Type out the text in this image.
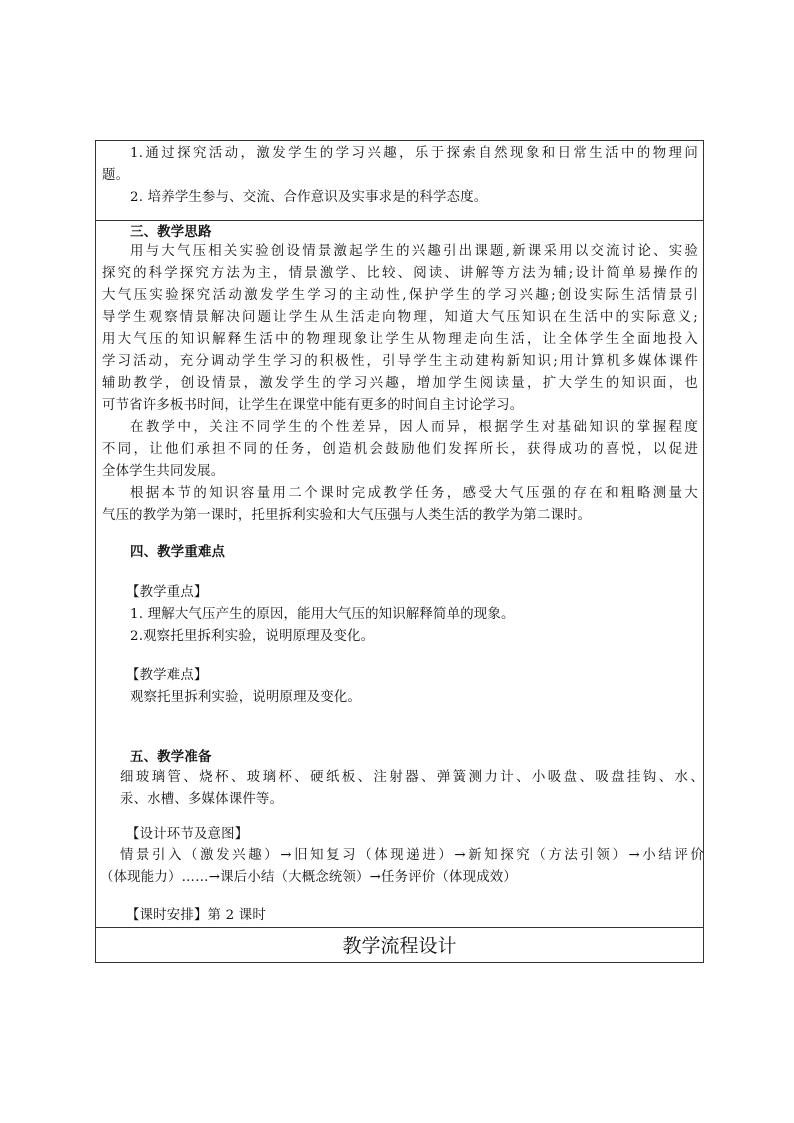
1.通过探究活动，激发学生的学习兴趣，乐于探索自然现象和日常生活中的物理问
题。
2. 培养学生参与、交流、合作意识及实事求是的科学态度。
三、教学思路
用与大气压相关实验创设情景激起学生的兴趣引出课题,新课采用以交流讨论、实验
探究的科学探究方法为主，情景激学、比较、阅读、讲解等方法为辅;设计简单易操作的
大气压实验探究活动激发学生学习的主动性,保护学生的学习兴趣;创设实际生活情景引
导学生观察情景解决问题让学生从生活走向物理，知道大气压知识在生活中的实际意义;
用大气压的知识解释生活中的物理现象让学生从物理走向生活，让全体学生全面地投入
学习活动，充分调动学生学习的积极性，引导学生主动建构新知识;用计算机多媒体课件
辅助教学，创设情景，激发学生的学习兴趣，增加学生阅读量，扩大学生的知识面，也
可节省许多板书时间，让学生在课堂中能有更多的时间自主讨论学习。
在教学中，关注不同学生的个性差异，因人而异，根据学生对基础知识的掌握程度
不同，让他们承担不同的任务，创造机会鼓励他们发挥所长，获得成功的喜悦，以促进
全体学生共同发展。
根据本节的知识容量用二个课时完成教学任务，感受大气压强的存在和粗略测量大
气压的教学为第一课时，托里拆利实验和大气压强与人类生活的教学为第二课时。
四、教学重难点
【教学重点】
1. 理解大气压产生的原因，能用大气压的知识解释简单的现象。
2.观察托里拆利实验，说明原理及变化。
【教学难点】
观察托里拆利实验，说明原理及变化。
五、教学准备
细玻璃管、烧杯、玻璃杯、硬纸板、注射器、弹簧测力计、小吸盘、吸盘挂钩、水、
汞、水槽、多媒体课件等。
【设计环节及意图】
情景引入（激发兴趣）→旧知复习（体现递进）→新知探究（方法引领）→小结评价
（体现能力）……→课后小结（大概念统领）→任务评价（体现成效）
【课时安排】第 2 课时
教学流程设计
